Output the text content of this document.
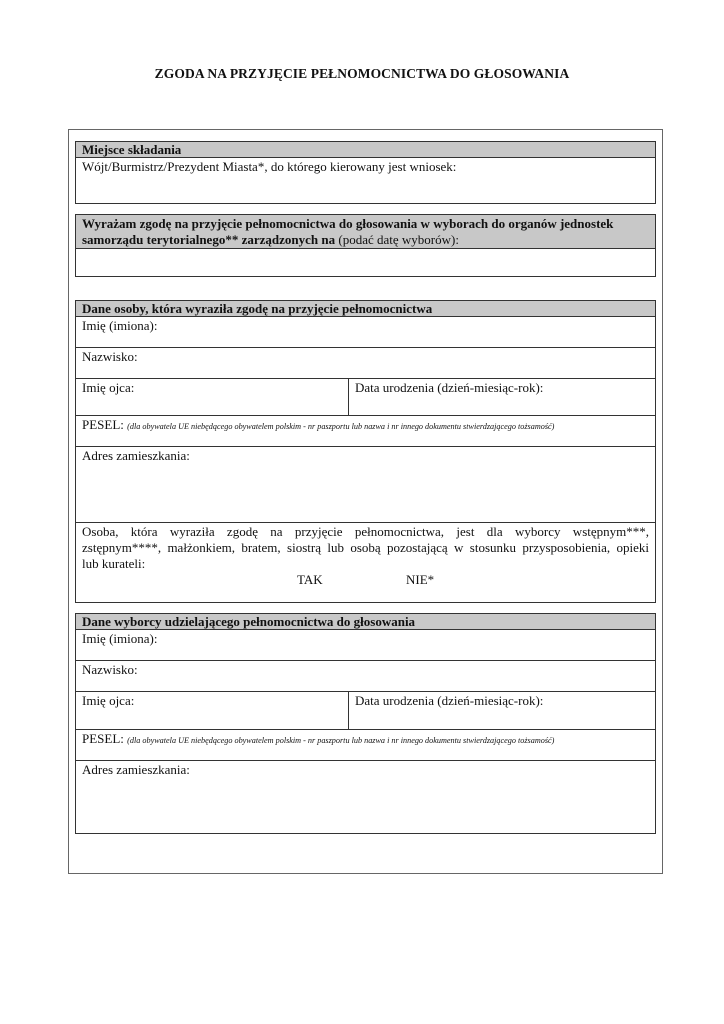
ZGODA NA PRZYJĘCIE PEŁNOMOCNICTWA DO GŁOSOWANIA
Miejsce składania
Wójt/Burmistrz/Prezydent Miasta*, do którego kierowany jest wniosek:
Wyrażam zgodę na przyjęcie pełnomocnictwa do głosowania w wyborach do organów jednostek samorządu terytorialnego** zarządzonych na (podać datę wyborów):
Dane osoby, która wyraziła zgodę na przyjęcie pełnomocnictwa
Imię (imiona):
Nazwisko:
Imię ojca:	Data urodzenia (dzień-miesiąc-rok):
PESEL: (dla obywatela UE niebędącego obywatelem polskim - nr paszportu lub nazwa i nr innego dokumentu stwierdzającego tożsamość)
Adres zamieszkania:
Osoba, która wyraziła zgodę na przyjęcie pełnomocnictwa, jest dla wyborcy wstępnym***,
zstępnym****, małżonkiem, bratem, siostrą lub osobą pozostającą w stosunku przysposobienia, opieki
lub kurateli:
TAK	NIE*
Dane wyborcy udzielającego pełnomocnictwa do głosowania
Imię (imiona):
Nazwisko:
Imię ojca:	Data urodzenia (dzień-miesiąc-rok):
PESEL: (dla obywatela UE niebędącego obywatelem polskim - nr paszportu lub nazwa i nr innego dokumentu stwierdzającego tożsamość)
Adres zamieszkania:
